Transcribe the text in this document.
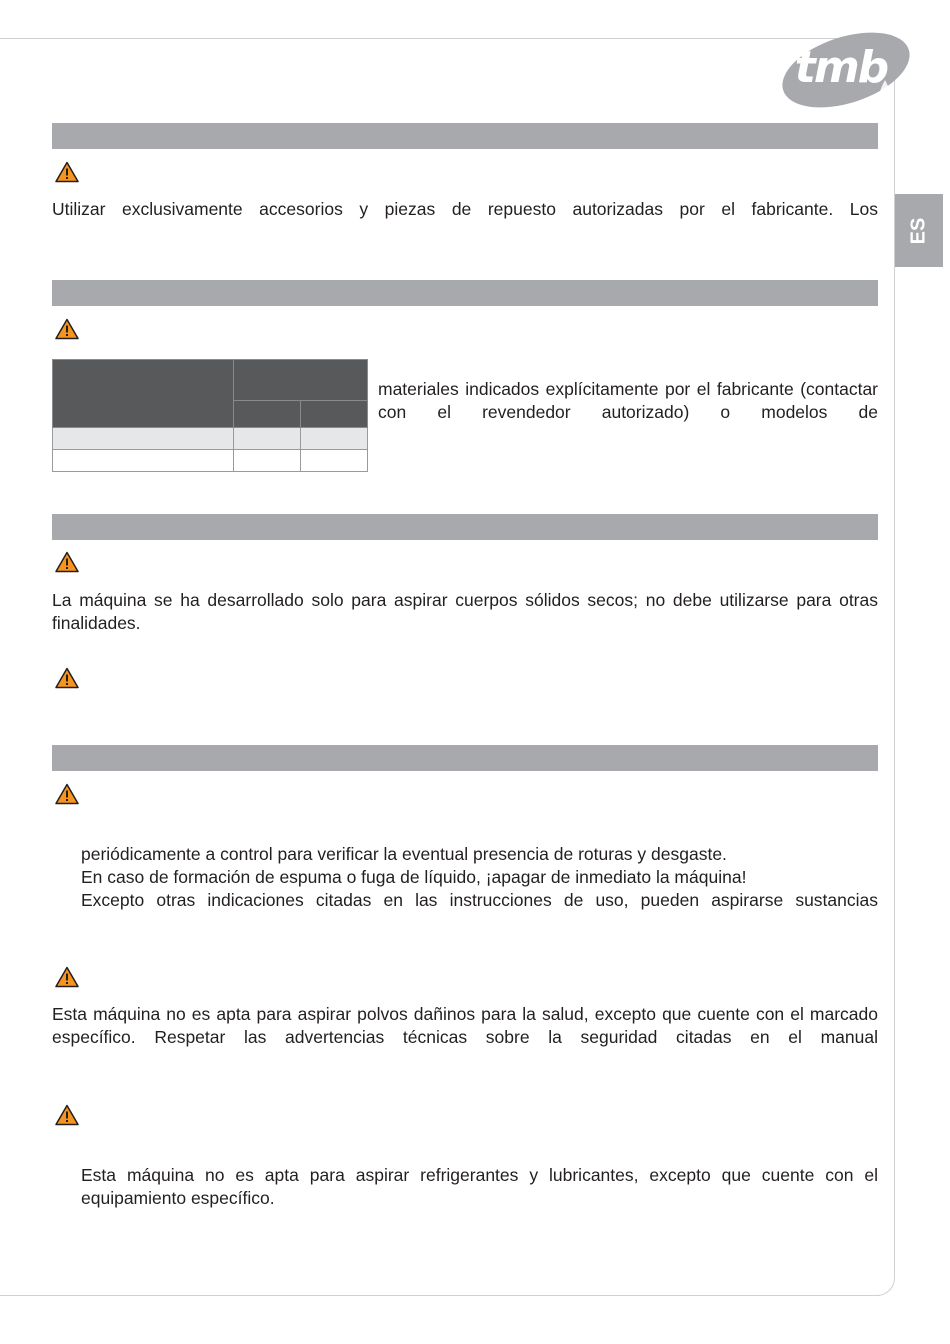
tmb
ES

Utilizar exclusivamente accesorios y piezas de repuesto autorizadas por el fabricante. Los

materiales indicados explícitamente por el fabricante (contactar con el revendedor autorizado) o modelos de

La máquina se ha desarrollado solo para aspirar cuerpos sólidos secos; no debe utilizarse para otras finalidades.

periódicamente a control para verificar la eventual presencia de roturas y desgaste.

En caso de formación de espuma o fuga de líquido, ¡apagar de inmediato la máquina!

Excepto otras indicaciones citadas en las instrucciones de uso, pueden aspirarse sustancias

Esta máquina no es apta para aspirar polvos dañinos para la salud, excepto que cuente con el marcado específico. Respetar las advertencias técnicas sobre la seguridad citadas en el manual

Esta máquina no es apta para aspirar refrigerantes y lubricantes, excepto que cuente con el equipamiento específico.
